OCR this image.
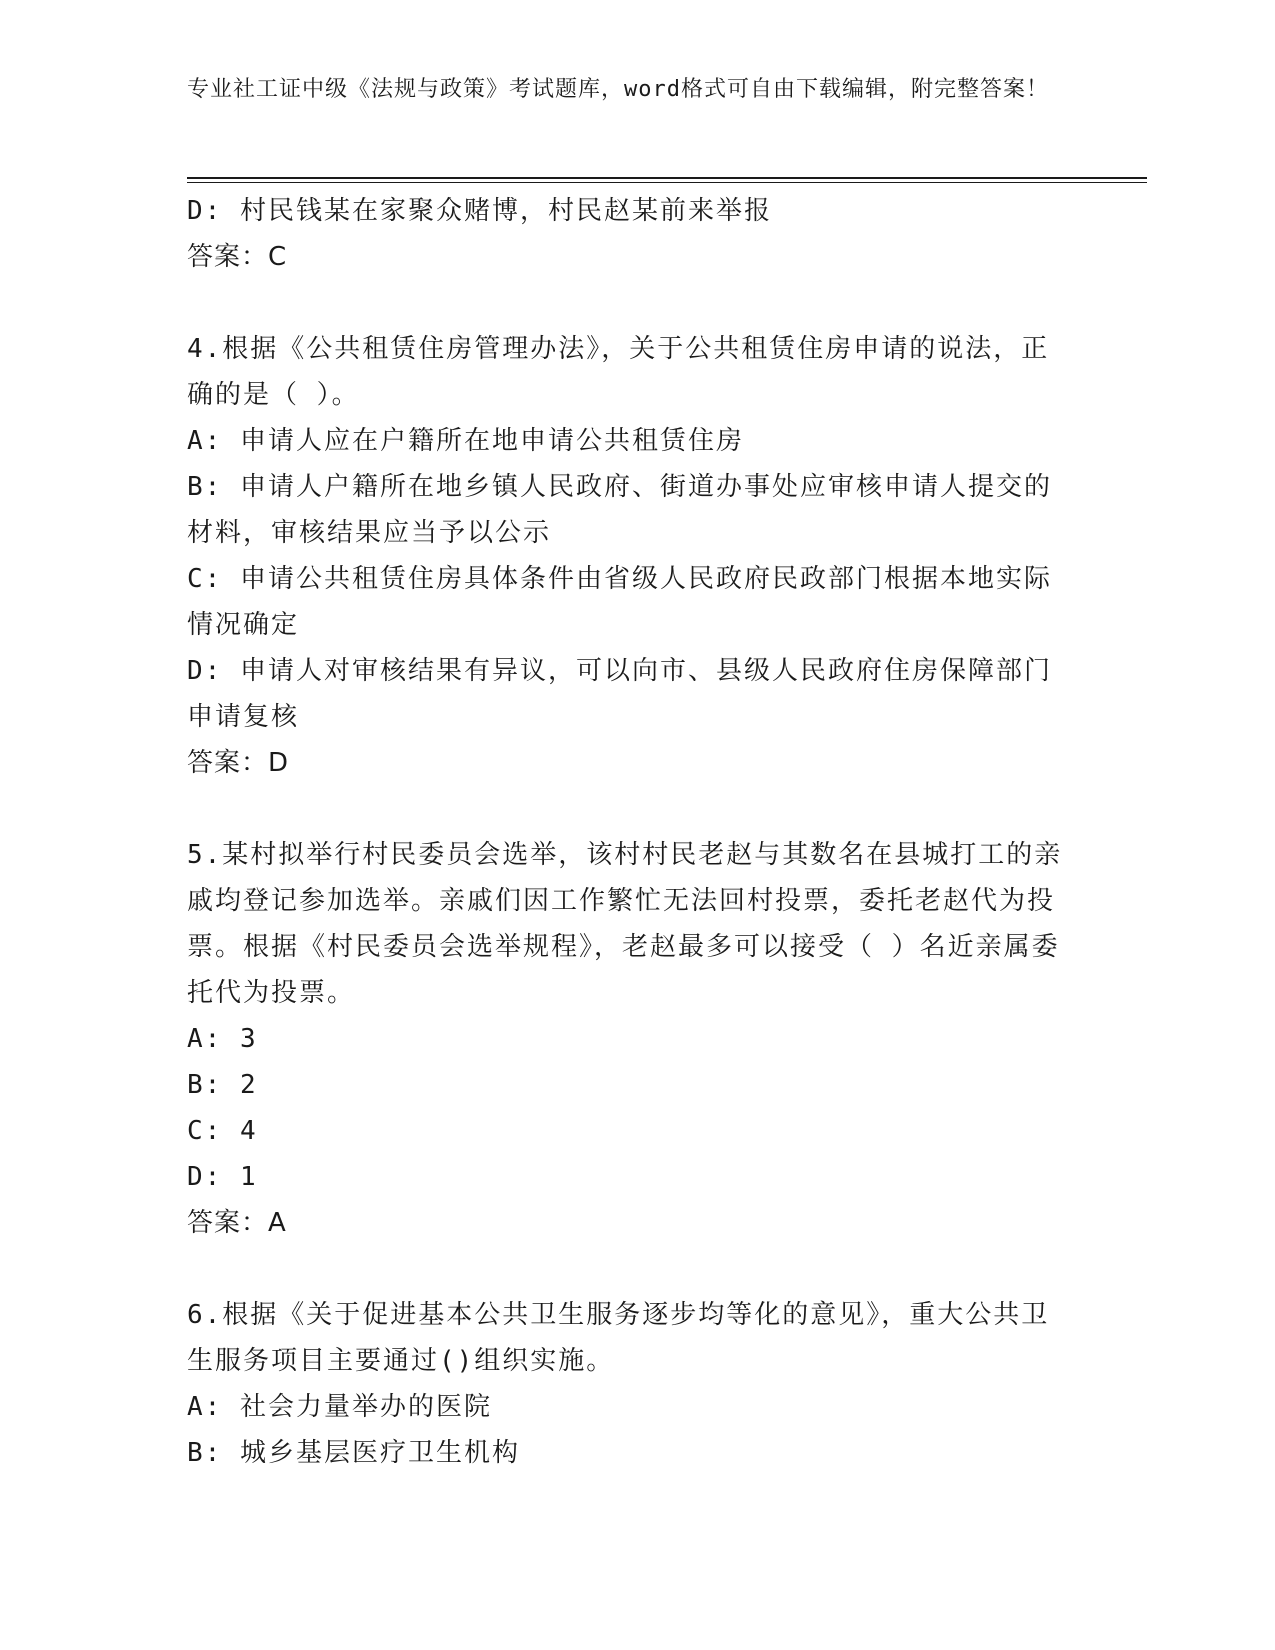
专业社工证中级《法规与政策》考试题库，word格式可自由下载编辑，附完整答案！

D: 村民钱某在家聚众赌博，村民赵某前来举报

答案：C

4.根据《公共租赁住房管理办法》，关于公共租赁住房申请的说法，正确的是（ ）。

A: 申请人应在户籍所在地申请公共租赁住房

B: 申请人户籍所在地乡镇人民政府、街道办事处应审核申请人提交的材料，审核结果应当予以公示

C: 申请公共租赁住房具体条件由省级人民政府民政部门根据本地实际情况确定

D: 申请人对审核结果有异议，可以向市、县级人民政府住房保障部门申请复核

答案：D

5.某村拟举行村民委员会选举，该村村民老赵与其数名在县城打工的亲戚均登记参加选举。亲戚们因工作繁忙无法回村投票，委托老赵代为投票。根据《村民委员会选举规程》，老赵最多可以接受（ ）名近亲属委托代为投票。

A: 3

B: 2

C: 4

D: 1

答案：A

6.根据《关于促进基本公共卫生服务逐步均等化的意见》，重大公共卫生服务项目主要通过()组织实施。

A: 社会力量举办的医院

B: 城乡基层医疗卫生机构
